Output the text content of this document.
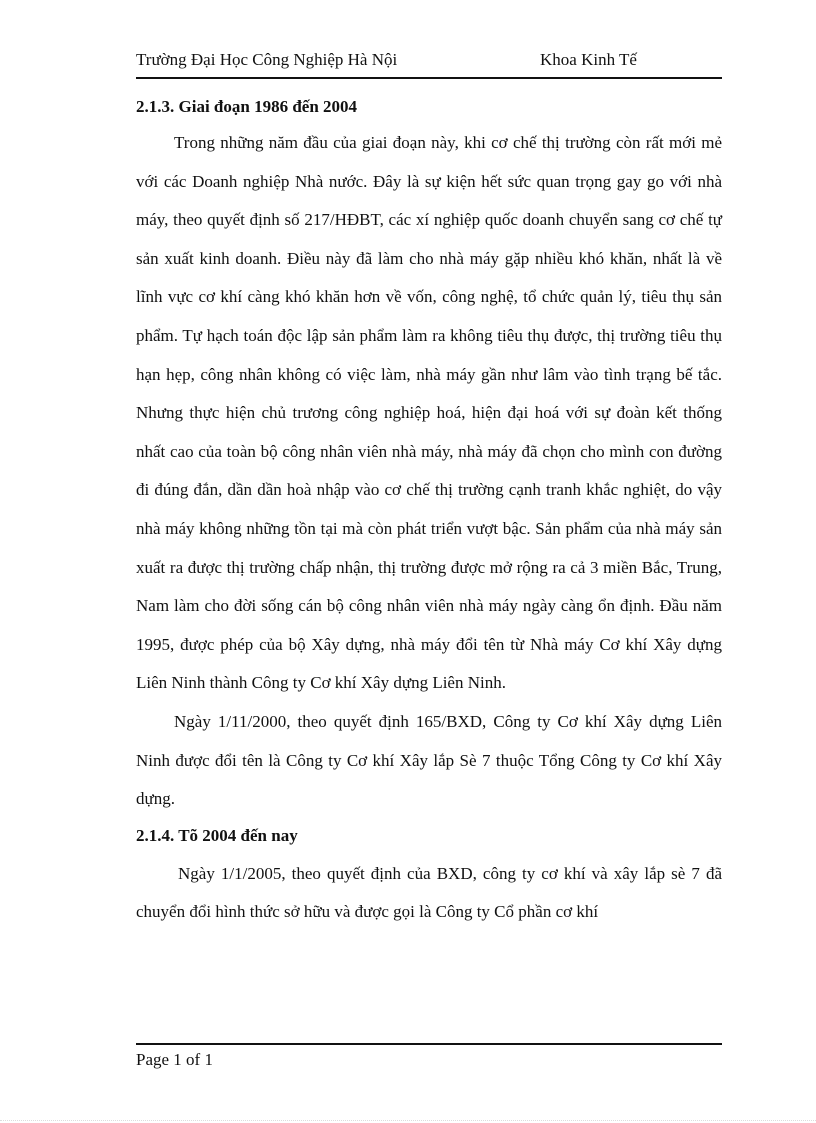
Trường Đại Học Công Nghiệp Hà Nội	Khoa Kinh Tế
2.1.3. Giai đoạn 1986 đến 2004

Trong những năm đầu của giai đoạn này, khi cơ chế thị trường còn rất mới mẻ với các Doanh nghiệp Nhà nước. Đây là sự kiện hết sức quan trọng gay go với nhà máy, theo quyết định số 217/HĐBT, các xí nghiệp quốc doanh chuyển sang cơ chế tự sản xuất kinh doanh. Điều này đã làm cho nhà máy gặp nhiều khó khăn, nhất là về lĩnh vực cơ khí càng khó khăn hơn về vốn, công nghệ, tổ chức quản lý, tiêu thụ sản phẩm. Tự hạch toán độc lập sản phẩm làm ra không tiêu thụ được, thị trường tiêu thụ hạn hẹp, công nhân không có việc làm, nhà máy gần như lâm vào tình trạng bế tắc. Nhưng thực hiện chủ trương công nghiệp hoá, hiện đại hoá với sự đoàn kết thống nhất cao của toàn bộ công nhân viên nhà máy, nhà máy đã chọn cho mình con đường đi đúng đắn, dần dần hoà nhập vào cơ chế thị trường cạnh tranh khắc nghiệt, do vậy nhà máy không những tồn tại mà còn phát triển vượt bậc. Sản phẩm của nhà máy sản xuất ra được thị trường chấp nhận, thị trường được mở rộng ra cả 3 miền Bắc, Trung, Nam làm cho đời sống cán bộ công nhân viên nhà máy ngày càng ổn định. Đầu năm 1995, được phép của bộ Xây dựng, nhà máy đổi tên từ Nhà máy Cơ khí Xây dựng Liên Ninh thành Công ty Cơ khí Xây dựng Liên Ninh.

Ngày 1/11/2000, theo quyết định 165/BXD, Công ty Cơ khí Xây dựng Liên Ninh được đổi tên là Công ty Cơ khí Xây lắp Sè 7 thuộc Tổng Công ty Cơ khí Xây dựng.

2.1.4. Tõ 2004 đến nay

Ngày 1/1/2005, theo quyết định của BXD, công ty cơ khí và xây lắp sè 7 đã chuyển đổi hình thức sở hữu và được gọi là Công ty Cổ phần cơ khí

Page 1 of 1
